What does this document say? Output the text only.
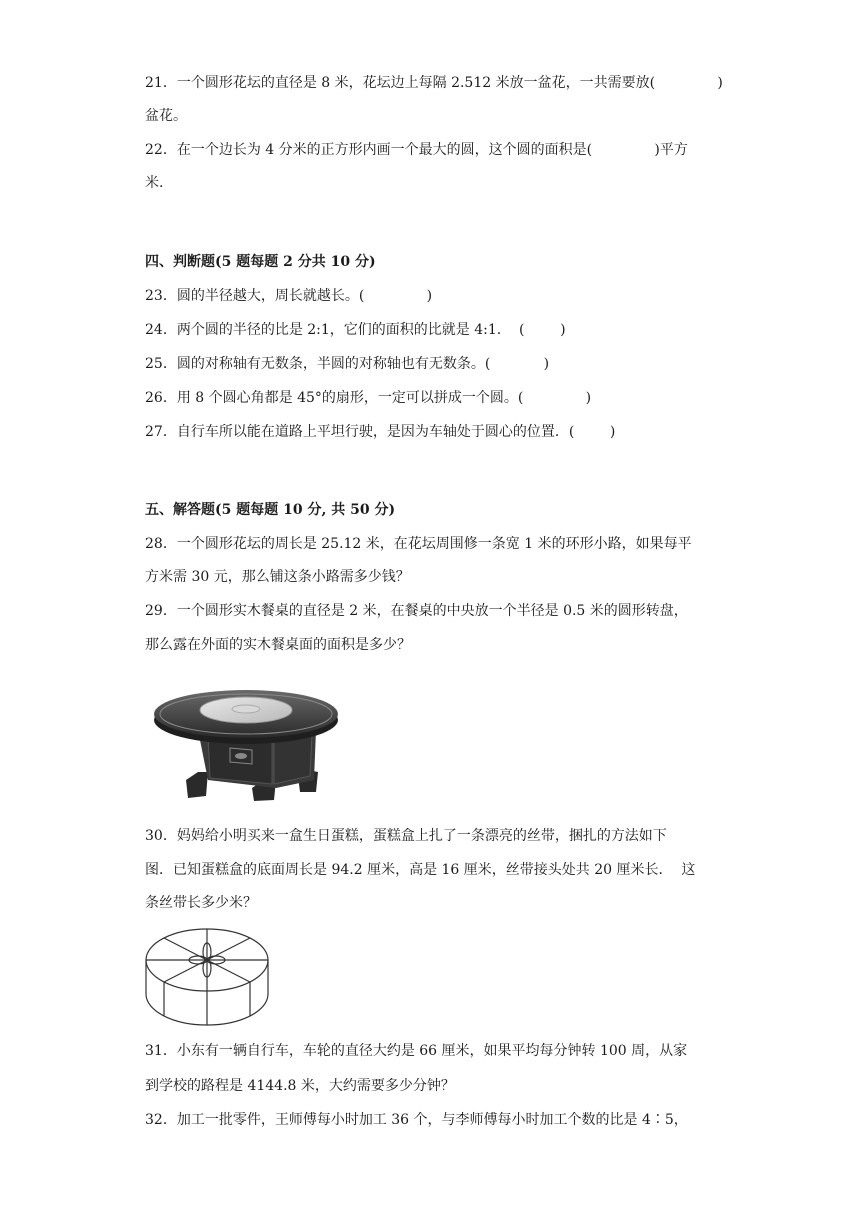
21．一个圆形花坛的直径是 8 米，花坛边上每隔 2.512 米放一盆花，一共需要放(              )
盆花。
22．在一个边长为 4 分米的正方形内画一个最大的圆，这个圆的面积是(              )平方
米.
四、判断题(5 题每题 2 分共 10 分)
23．圆的半径越大，周长就越长。(              )
24．两个圆的半径的比是 2:1，它们的面积的比就是 4:1.    (        )
25．圆的对称轴有无数条，半圆的对称轴也有无数条。(            )
26．用 8 个圆心角都是 45°的扇形，一定可以拼成一个圆。(              )
27．自行车所以能在道路上平坦行驶，是因为车轴处于圆心的位置．(        )
五、解答题(5 题每题 10 分, 共 50 分)
28．一个圆形花坛的周长是 25.12 米，在花坛周围修一条宽 1 米的环形小路，如果每平
方米需 30 元，那么铺这条小路需多少钱？
29．一个圆形实木餐桌的直径是 2 米，在餐桌的中央放一个半径是 0.5 米的圆形转盘，
那么露在外面的实木餐桌面的面积是多少？
30．妈妈给小明买来一盒生日蛋糕，蛋糕盒上扎了一条漂亮的丝带，捆扎的方法如下
图．已知蛋糕盒的底面周长是 94.2 厘米，高是 16 厘米，丝带接头处共 20 厘米长．  这
条丝带长多少米？
31．小东有一辆自行车，车轮的直径大约是 66 厘米，如果平均每分钟转 100 周，从家
到学校的路程是 4144.8 米，大约需要多少分钟？
32．加工一批零件，王师傅每小时加工 36 个，与李师傅每小时加工个数的比是 4∶5，
